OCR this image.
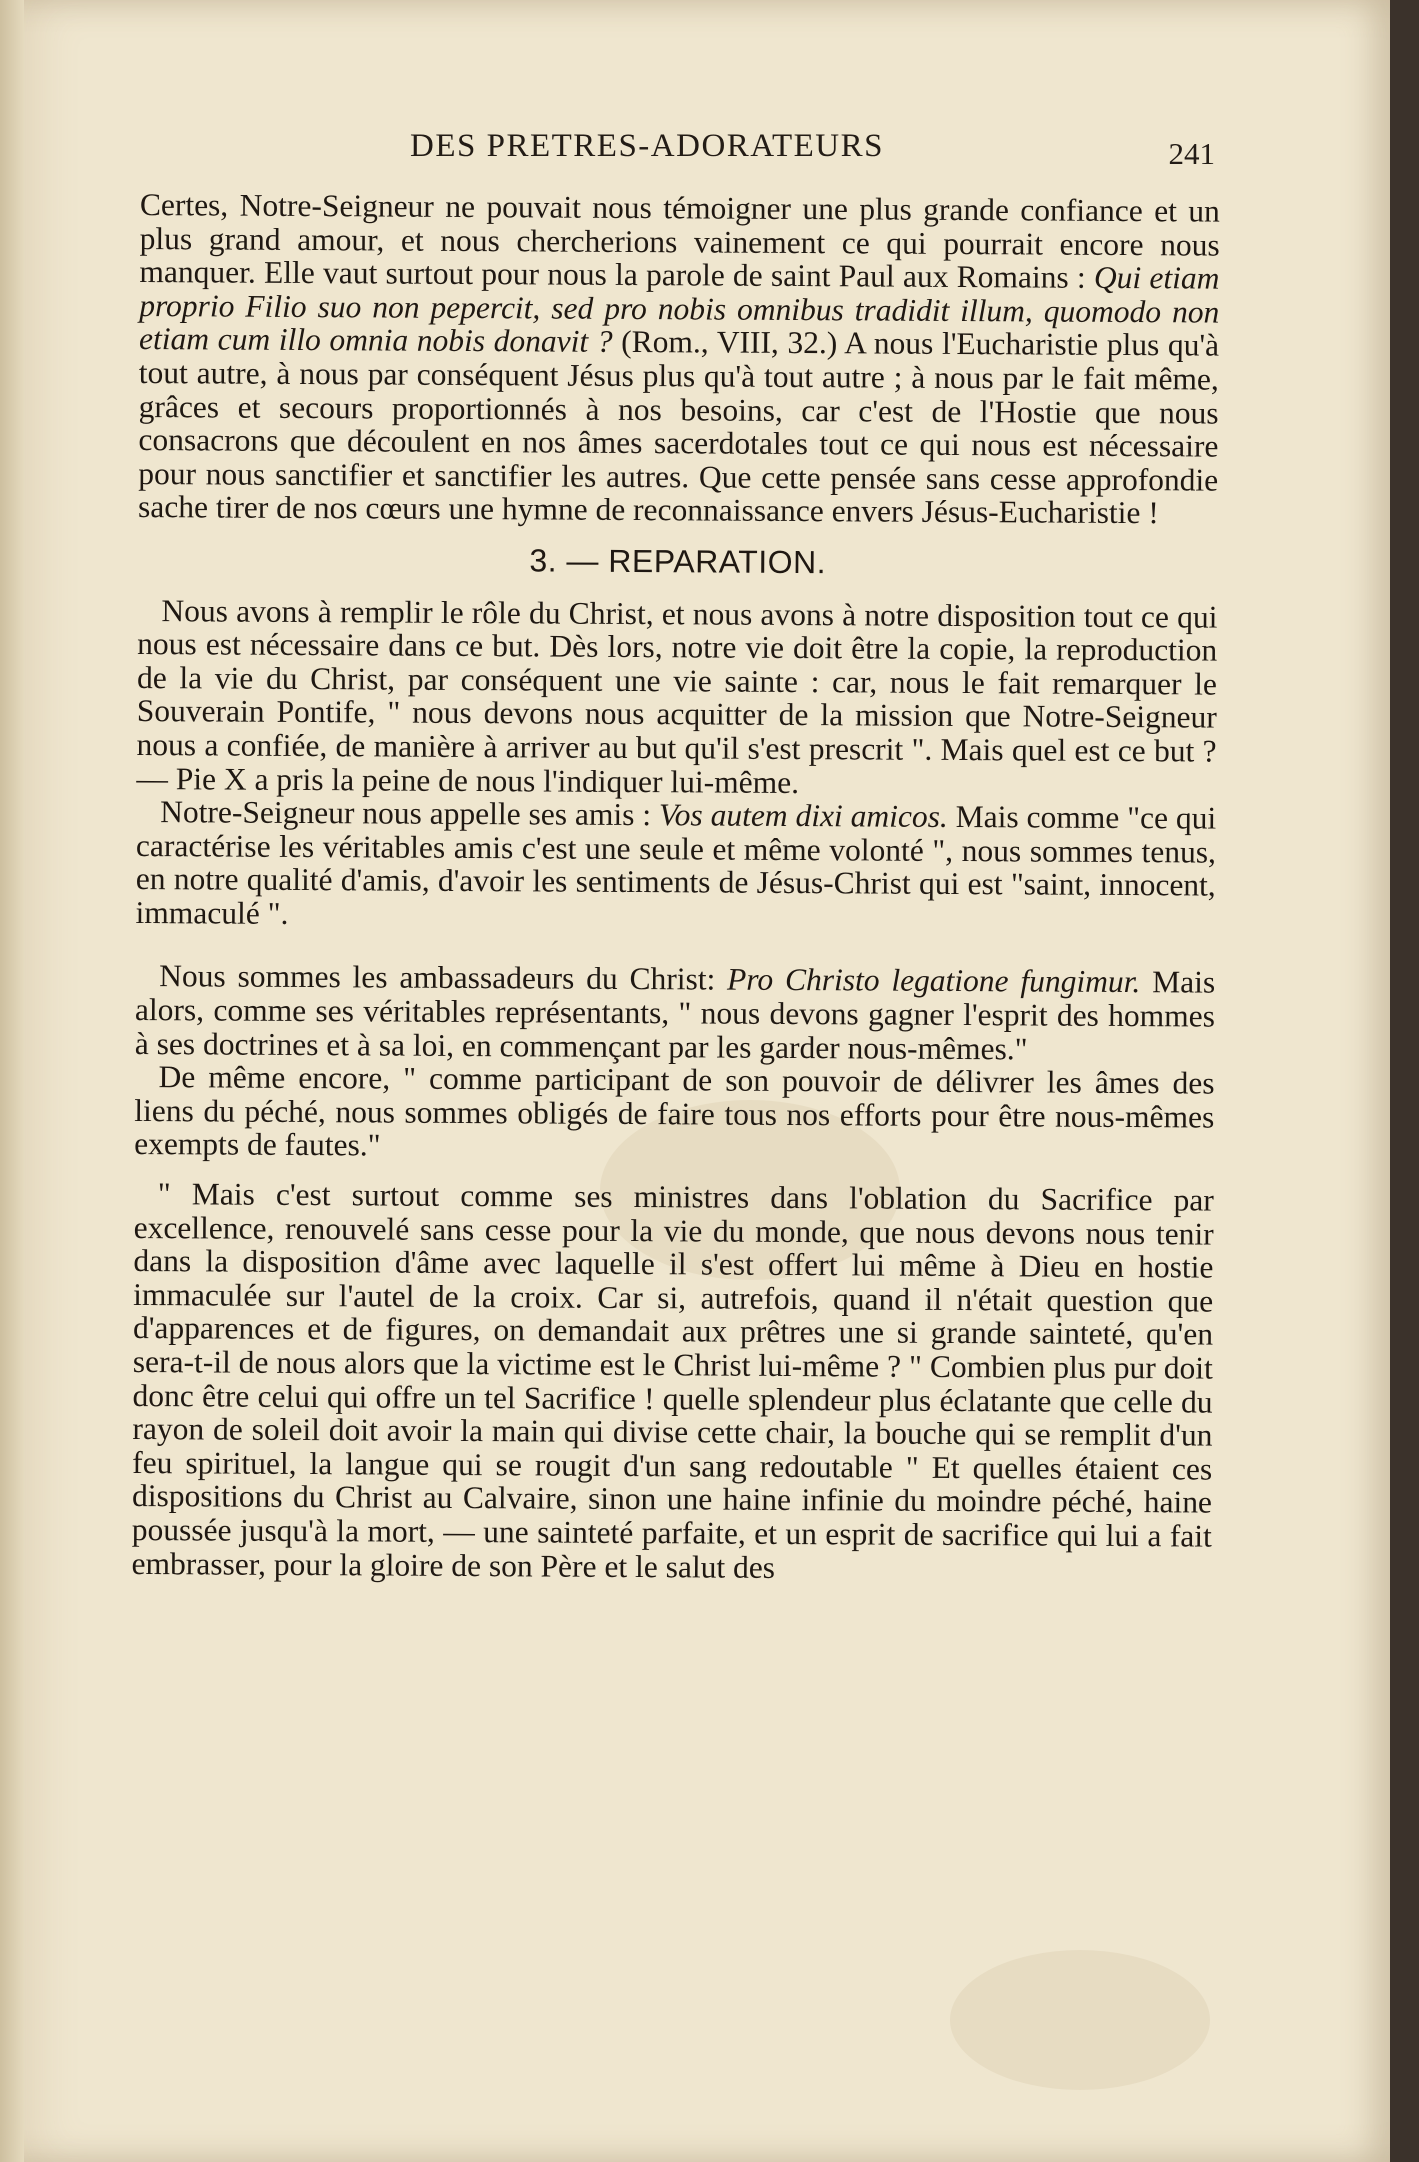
DES PRETRES-ADORATEURS	241

Certes, Notre-Seigneur ne pouvait nous témoigner une plus grande confiance et un plus grand amour, et nous chercherions vainement ce qui pourrait encore nous manquer. Elle vaut surtout pour nous la parole de saint Paul aux Romains : Qui etiam proprio Filio suo non pepercit, sed pro nobis omnibus tradidit illum, quomodo non etiam cum illo omnia nobis donavit ? (Rom., VIII, 32.) A nous l'Eucharistie plus qu'à tout autre, à nous par conséquent Jésus plus qu'à tout autre ; à nous par le fait même, grâces et secours proportionnés à nos besoins, car c'est de l'Hostie que nous consacrons que découlent en nos âmes sacerdotales tout ce qui nous est nécessaire pour nous sanctifier et sanctifier les autres. Que cette pensée sans cesse approfondie sache tirer de nos cœurs une hymne de reconnaissance envers Jésus-Eucharistie !

3. — REPARATION.

Nous avons à remplir le rôle du Christ, et nous avons à notre disposition tout ce qui nous est nécessaire dans ce but. Dès lors, notre vie doit être la copie, la reproduction de la vie du Christ, par conséquent une vie sainte : car, nous le fait remarquer le Souverain Pontife, " nous devons nous acquitter de la mission que Notre-Seigneur nous a confiée, de manière à arriver au but qu'il s'est prescrit ". Mais quel est ce but ? — Pie X a pris la peine de nous l'indiquer lui-même.

Notre-Seigneur nous appelle ses amis : Vos autem dixi amicos. Mais comme "ce qui caractérise les véritables amis c'est une seule et même volonté ", nous sommes tenus, en notre qualité d'amis, d'avoir les sentiments de Jésus-Christ qui est "saint, innocent, immaculé ".

Nous sommes les ambassadeurs du Christ: Pro Christo legatione fungimur. Mais alors, comme ses véritables représentants, " nous devons gagner l'esprit des hommes à ses doctrines et à sa loi, en commençant par les garder nous-mêmes."

De même encore, " comme participant de son pouvoir de délivrer les âmes des liens du péché, nous sommes obligés de faire tous nos efforts pour être nous-mêmes exempts de fautes."

" Mais c'est surtout comme ses ministres dans l'oblation du Sacrifice par excellence, renouvelé sans cesse pour la vie du monde, que nous devons nous tenir dans la disposition d'âme avec laquelle il s'est offert lui même à Dieu en hostie immaculée sur l'autel de la croix. Car si, autrefois, quand il n'était question que d'apparences et de figures, on demandait aux prêtres une si grande sainteté, qu'en sera-t-il de nous alors que la victime est le Christ lui-même ? " Combien plus pur doit donc être celui qui offre un tel Sacrifice ! quelle splendeur plus éclatante que celle du rayon de soleil doit avoir la main qui divise cette chair, la bouche qui se remplit d'un feu spirituel, la langue qui se rougit d'un sang redoutable " Et quelles étaient ces dispositions du Christ au Calvaire, sinon une haine infinie du moindre péché, haine poussée jusqu'à la mort, — une sainteté parfaite, et un esprit de sacrifice qui lui a fait embrasser, pour la gloire de son Père et le salut des
